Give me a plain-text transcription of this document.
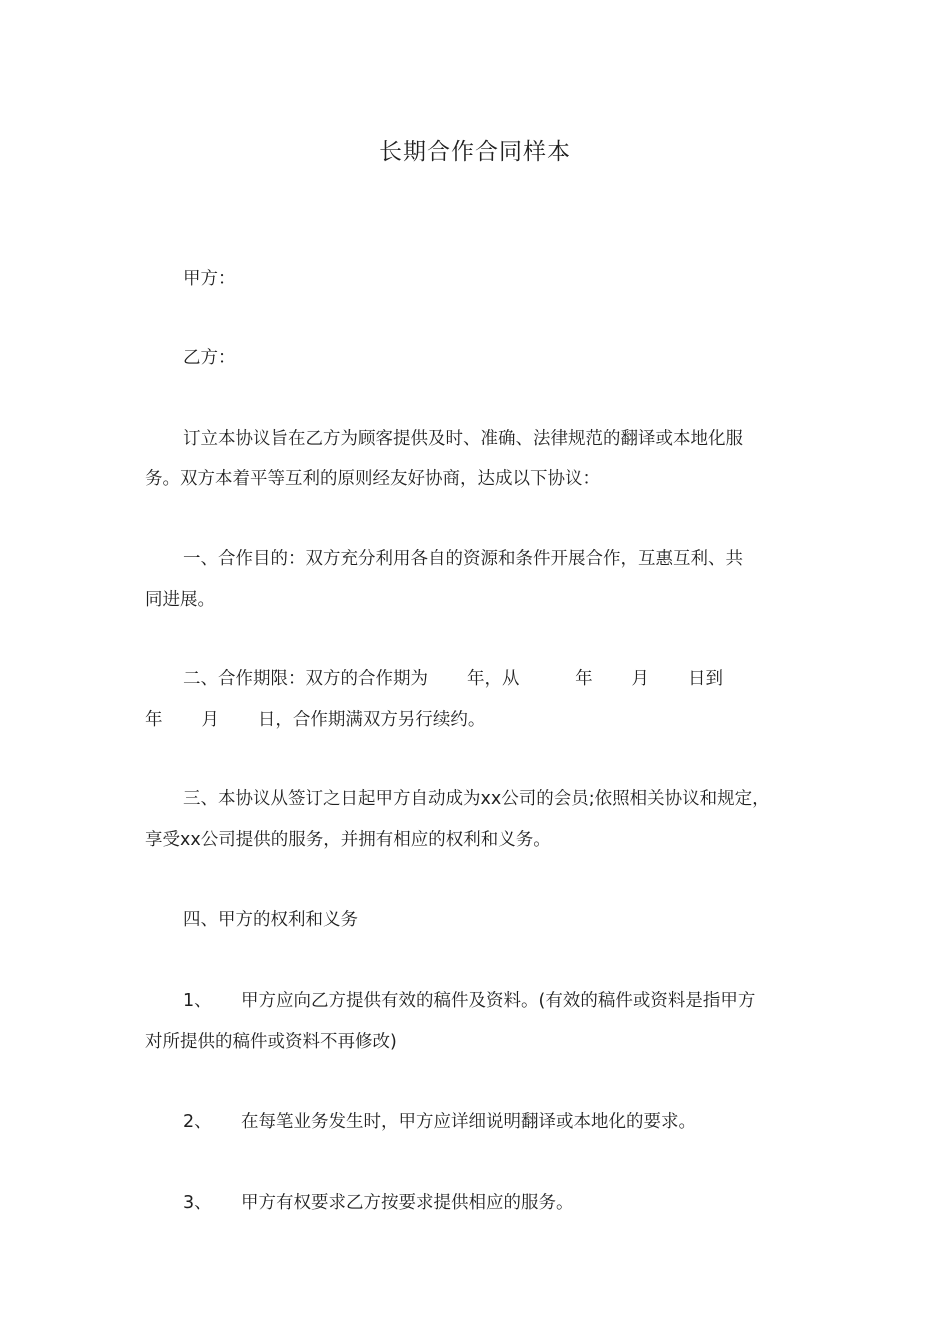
长期合作合同样本
甲方：
乙方：
订立本协议旨在乙方为顾客提供及时、准确、法律规范的翻译或本地化服
务。双方本着平等互利的原则经友好协商，达成以下协议：
一、合作目的：双方充分利用各自的资源和条件开展合作，互惠互利、共
同进展。
二、合作期限：双方的合作期为       年，从          年       月       日到
年       月       日，合作期满双方另行续约。
三、本协议从签订之日起甲方自动成为xx公司的会员;依照相关协议和规定，
享受xx公司提供的服务，并拥有相应的权利和义务。
四、甲方的权利和义务
1、 甲方应向乙方提供有效的稿件及资料。(有效的稿件或资料是指甲方
对所提供的稿件或资料不再修改)
2、 在每笔业务发生时，甲方应详细说明翻译或本地化的要求。
3、 甲方有权要求乙方按要求提供相应的服务。
